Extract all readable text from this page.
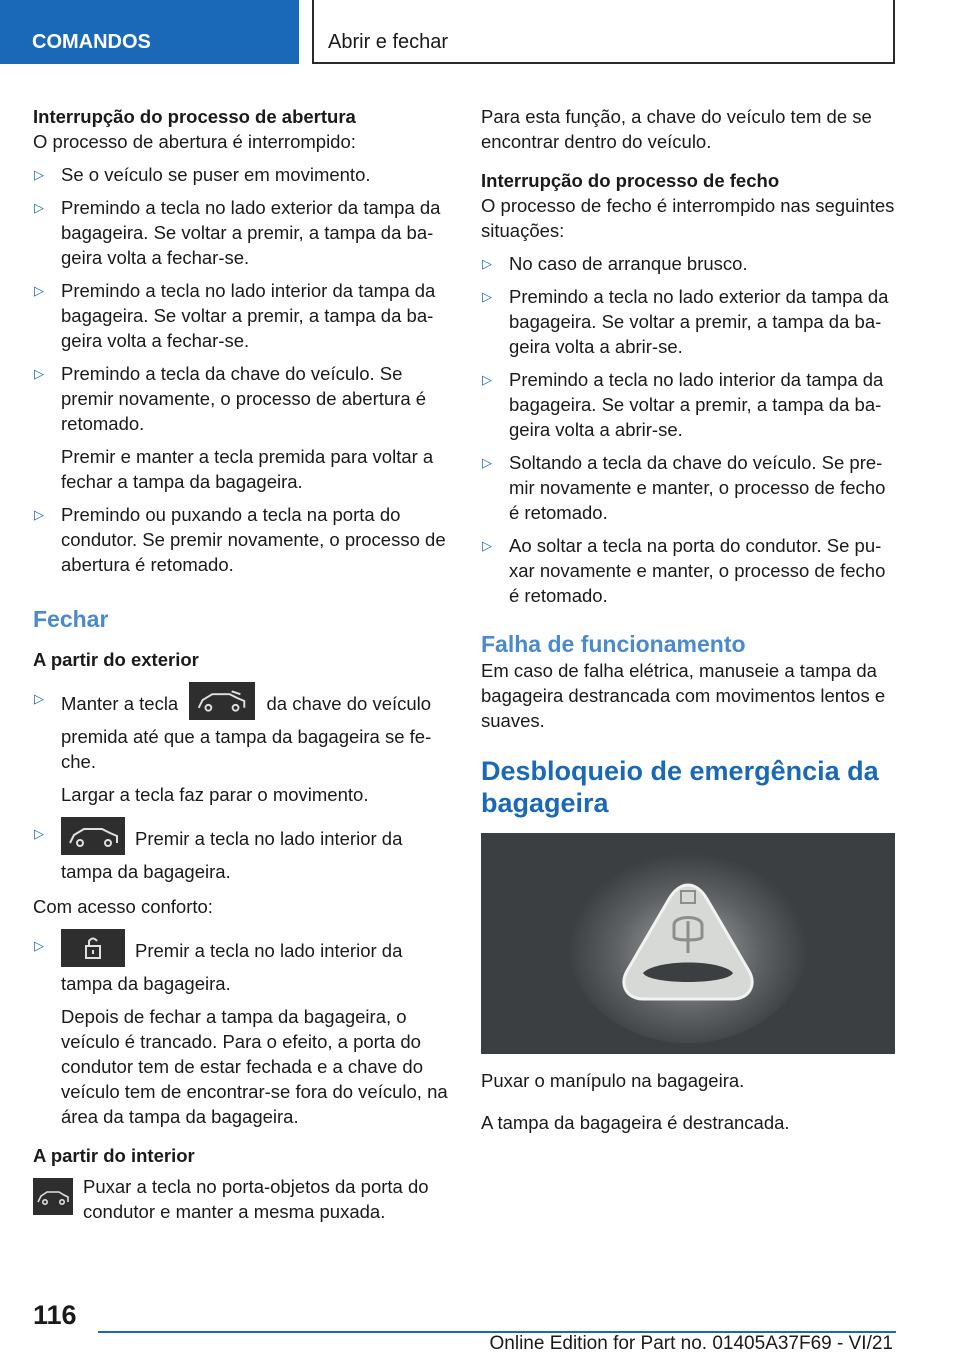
COMANDOS	Abrir e fechar
Interrupção do processo de abertura
O processo de abertura é interrompido:
▷ Se o veículo se puser em movimento.
▷ Premindo a tecla no lado exterior da tampa da bagageira. Se voltar a premir, a tampa da bageira volta a fechar-se.
▷ Premindo a tecla no lado interior da tampa da bagageira. Se voltar a premir, a tampa da bageira volta a fechar-se.
▷ Premindo a tecla da chave do veículo. Se premir novamente, o processo de abertura é retomado.
Premir e manter a tecla premida para voltar a fechar a tampa da bagageira.
▷ Premindo ou puxando a tecla na porta do condutor. Se premir novamente, o processo de abertura é retomado.
Fechar
A partir do exterior
▷ Manter a tecla	da chave do veículo premida até que a tampa da bagageira se feche.
Largar a tecla faz parar o movimento.
▷	Premir a tecla no lado interior da tampa da bagageira.
Com acesso conforto:
▷	Premir a tecla no lado interior da tampa da bagageira.
Depois de fechar a tampa da bagageira, o veículo é trancado. Para o efeito, a porta do condutor tem de estar fechada e a chave do veículo tem de encontrar-se fora do veículo, na área da tampa da bagageira.
A partir do interior
Puxar a tecla no porta-objetos da porta do condutor e manter a mesma puxada.
Para esta função, a chave do veículo tem de se encontrar dentro do veículo.
Interrupção do processo de fecho
O processo de fecho é interrompido nas seguintes situações:
▷ No caso de arranque brusco.
▷ Premindo a tecla no lado exterior da tampa da bagageira. Se voltar a premir, a tampa da bageira volta a abrir-se.
▷ Premindo a tecla no lado interior da tampa da bagageira. Se voltar a premir, a tampa da bageira volta a abrir-se.
▷ Soltando a tecla da chave do veículo. Se premir novamente e manter, o processo de fecho é retomado.
▷ Ao soltar a tecla na porta do condutor. Se puxar novamente e manter, o processo de fecho é retomado.
Falha de funcionamento
Em caso de falha elétrica, manuseie a tampa da bagageira destrancada com movimentos lentos e suaves.
Desbloqueio de emergência da bagageira
Puxar o manípulo na bagageira.
A tampa da bagageira é destrancada.
116
Online Edition for Part no. 01405A37F69 - VI/21
